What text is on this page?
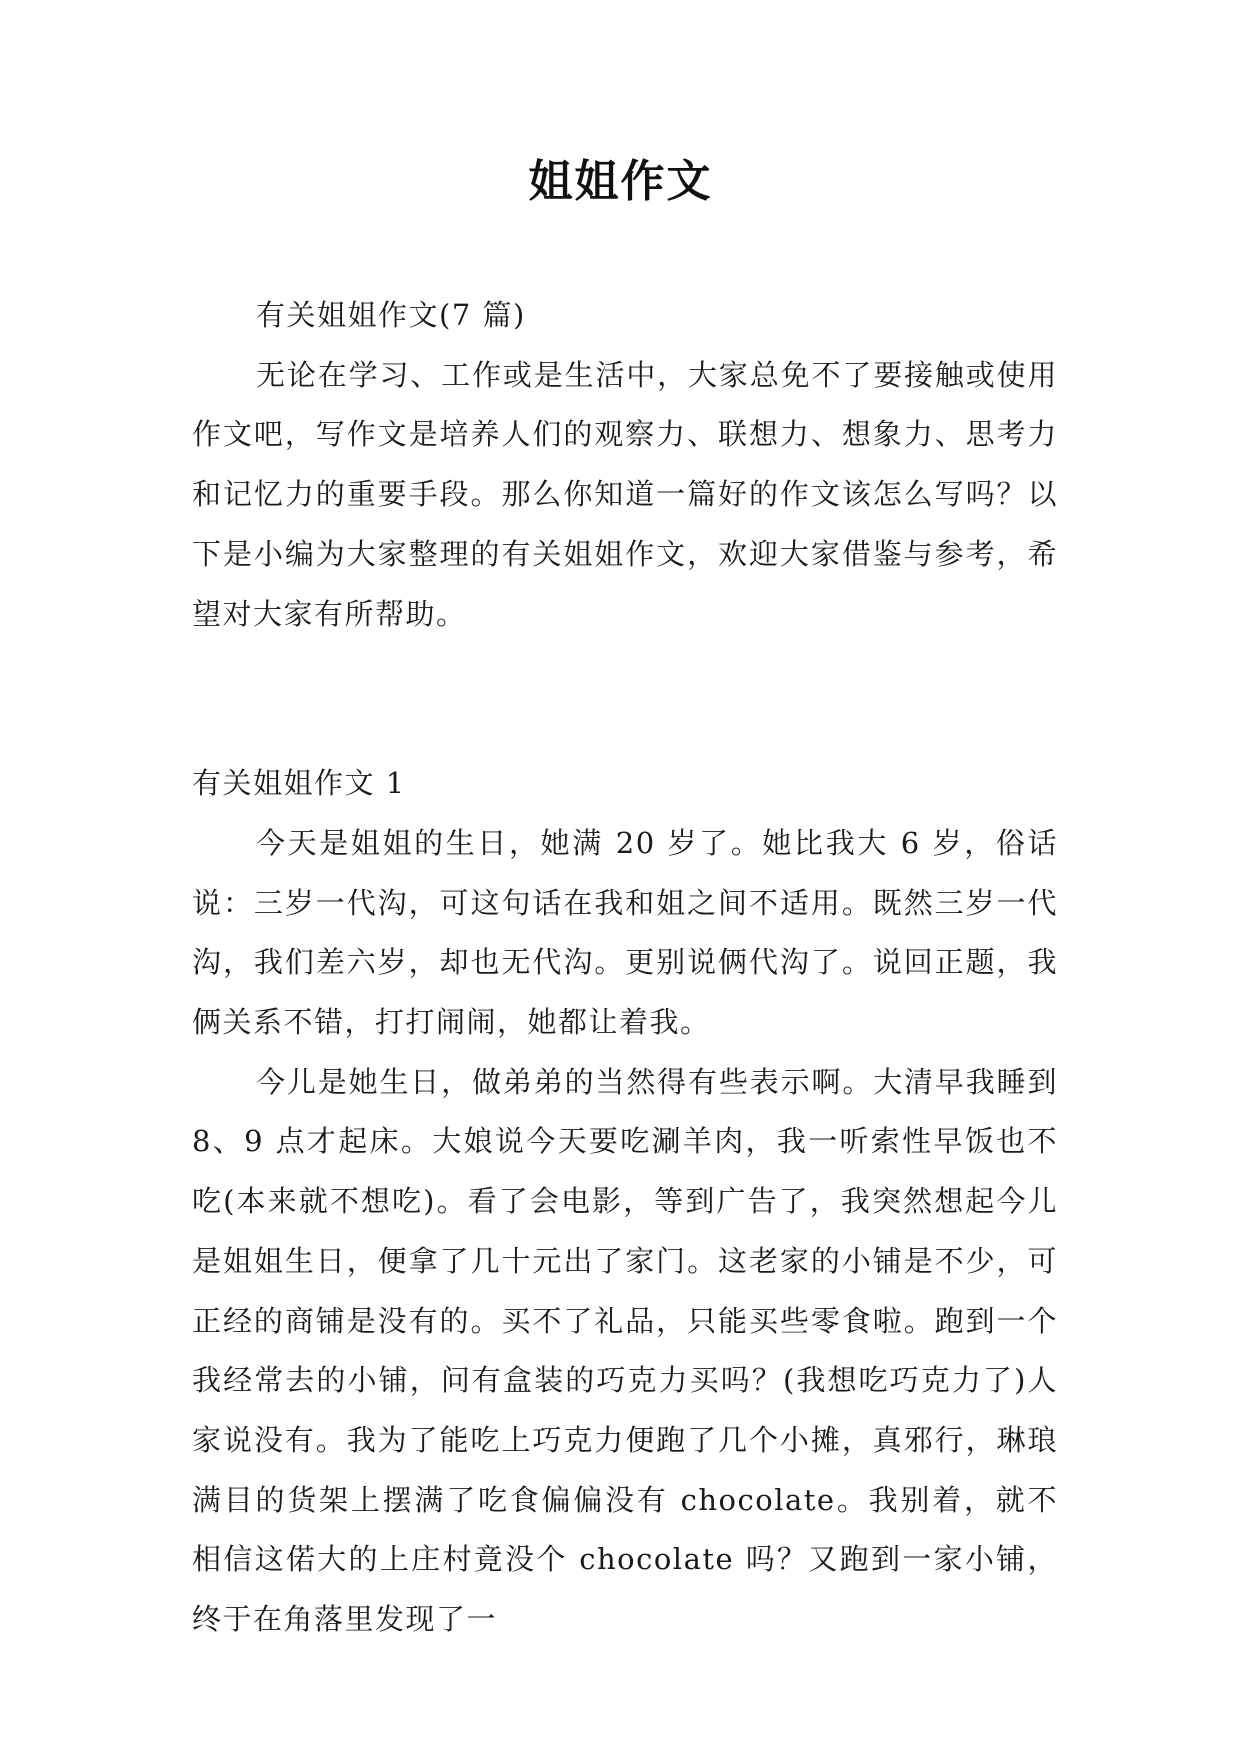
姐姐作文

有关姐姐作文(7 篇)

无论在学习、工作或是生活中，大家总免不了要接触或使用作文吧，写作文是培养人们的观察力、联想力、想象力、思考力和记忆力的重要手段。那么你知道一篇好的作文该怎么写吗？以下是小编为大家整理的有关姐姐作文，欢迎大家借鉴与参考，希望对大家有所帮助。

有关姐姐作文 1

今天是姐姐的生日，她满 20 岁了。她比我大 6 岁，俗话说：三岁一代沟，可这句话在我和姐之间不适用。既然三岁一代沟，我们差六岁，却也无代沟。更别说俩代沟了。说回正题，我俩关系不错，打打闹闹，她都让着我。

今儿是她生日，做弟弟的当然得有些表示啊。大清早我睡到 8、9 点才起床。大娘说今天要吃涮羊肉，我一听索性早饭也不吃(本来就不想吃)。看了会电影，等到广告了，我突然想起今儿是姐姐生日，便拿了几十元出了家门。这老家的小铺是不少，可正经的商铺是没有的。买不了礼品，只能买些零食啦。跑到一个我经常去的小铺，问有盒装的巧克力买吗？(我想吃巧克力了)人家说没有。我为了能吃上巧克力便跑了几个小摊，真邪行，琳琅满目的货架上摆满了吃食偏偏没有 chocolate。我别着，就不相信这偌大的上庄村竟没个 chocolate 吗？又跑到一家小铺，终于在角落里发现了一
